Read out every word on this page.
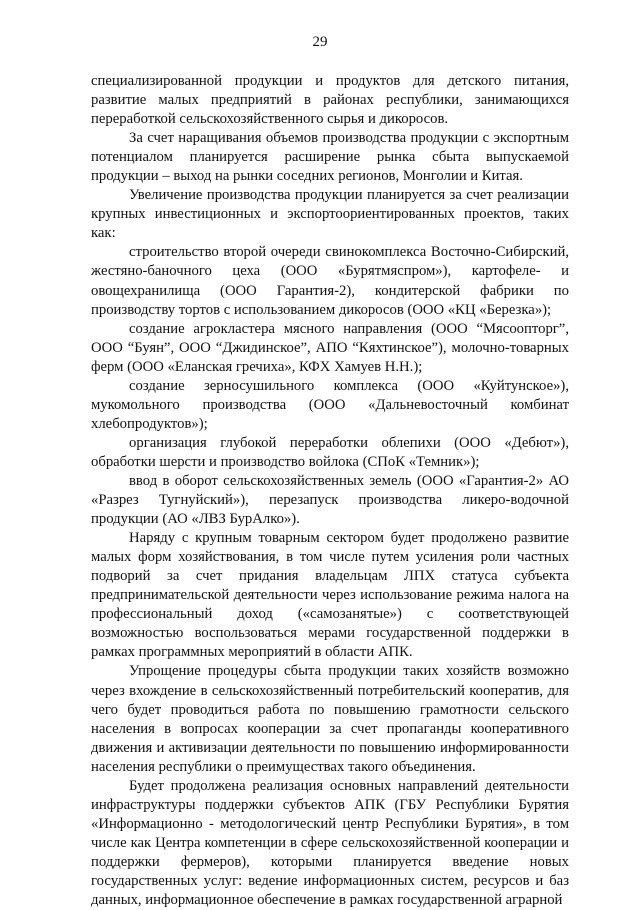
29

специализированной продукции и продуктов для детского питания, развитие малых предприятий в районах республики, занимающихся переработкой сельскохозяйственного сырья и дикоросов.

За счет наращивания объемов производства продукции с экспортным потенциалом планируется расширение рынка сбыта выпускаемой продукции – выход на рынки соседних регионов, Монголии и Китая.

Увеличение производства продукции планируется за счет реализации крупных инвестиционных и экспортоориентированных проектов, таких как:

строительство второй очереди свинокомплекса Восточно-Сибирский, жестяно-баночного цеха (ООО «Бурятмяспром»), картофеле- и овощехранилища (ООО Гарантия-2), кондитерской фабрики по производству тортов с использованием дикоросов (ООО «КЦ «Березка»);

создание агрокластера мясного направления (ООО “Мясоопторг”, ООО “Буян”, ООО “Джидинское”, АПО “Кяхтинское”), молочно-товарных ферм (ООО «Еланская гречиха», КФХ Хамуев Н.Н.);

создание зерносушильного комплекса (ООО «Куйтунское»), мукомольного производства (ООО «Дальневосточный комбинат хлебопродуктов»);

организация глубокой переработки облепихи (ООО «Дебют»), обработки шерсти и производство войлока (СПоК «Темник»);

ввод в оборот сельскохозяйственных земель (ООО «Гарантия-2» АО «Разрез Тугнуйский»), перезапуск производства ликеро-водочной продукции (АО «ЛВЗ БурАлко»).

Наряду с крупным товарным сектором будет продолжено развитие малых форм хозяйствования, в том числе путем усиления роли частных подворий за счет придания владельцам ЛПХ статуса субъекта предпринимательской деятельности через использование режима налога на профессиональный доход («самозанятые») с соответствующей возможностью воспользоваться мерами государственной поддержки в рамках программных мероприятий в области АПК.

Упрощение процедуры сбыта продукции таких хозяйств возможно через вхождение в сельскохозяйственный потребительский кооператив, для чего будет проводиться работа по повышению грамотности сельского населения в вопросах кооперации за счет пропаганды кооперативного движения и активизации деятельности по повышению информированности населения республики о преимуществах такого объединения.

Будет продолжена реализация основных направлений деятельности инфраструктуры поддержки субъектов АПК (ГБУ Республики Бурятия «Информационно - методологический центр Республики Бурятия», в том числе как Центра компетенции в сфере сельскохозяйственной кооперации и поддержки фермеров), которыми планируется введение новых государственных услуг: ведение информационных систем, ресурсов и баз данных, информационное обеспечение в рамках государственной аграрной
